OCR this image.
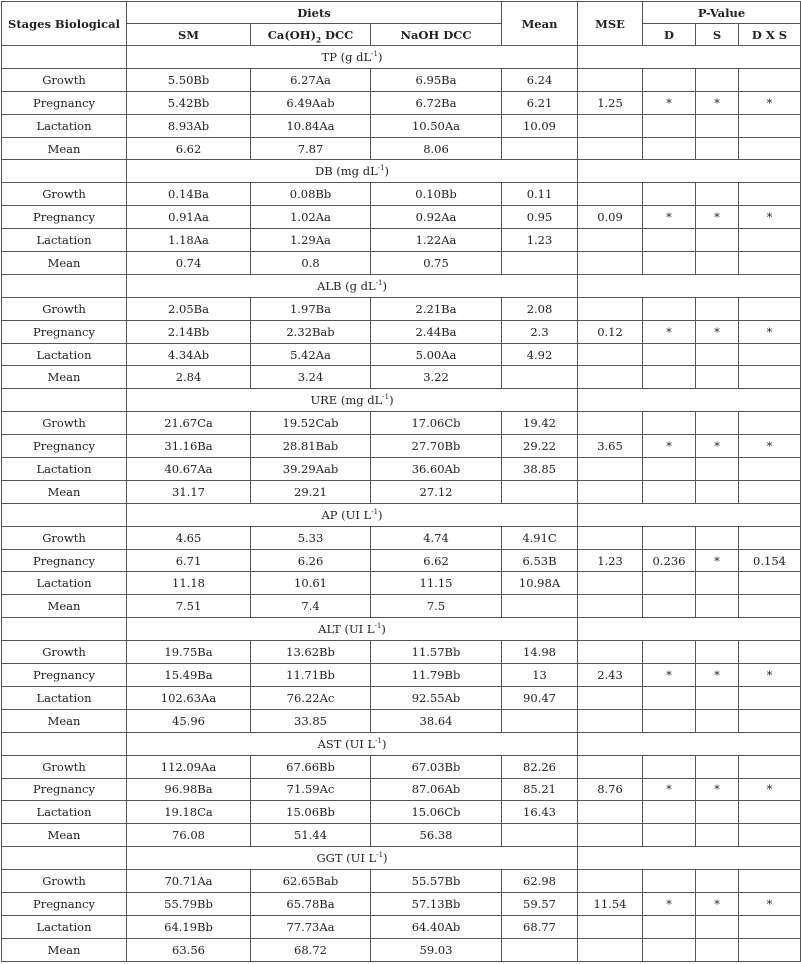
Stages Biological	Diets			Mean	MSE	P-Value		
	SM	$Ca(OH)_2$ DCC	NaOH DCC			D	S	D X S
	TP (g $dL^{-1}$)							
Growth	5.50Bb	6.27Aa	6.95Ba	6.24				
Pregnancy	5.42Bb	6.49Aab	6.72Ba	6.21	1.25	*	*	*
Lactation	8.93Ab	10.84Aa	10.50Aa	10.09				
Mean	6.62	7.87	8.06					
	DB (mg $dL^{-1}$)							
Growth	0.14Ba	0.08Bb	0.10Bb	0.11				
Pregnancy	0.91Aa	1.02Aa	0.92Aa	0.95	0.09	*	*	*
Lactation	1.18Aa	1.29Aa	1.22Aa	1.23				
Mean	0.74	0.8	0.75					
	ALB (g $dL^{-1}$)							
Growth	2.05Ba	1.97Ba	2.21Ba	2.08				
Pregnancy	2.14Bb	2.32Bab	2.44Ba	2.3	0.12	*	*	*
Lactation	4.34Ab	5.42Aa	5.00Aa	4.92				
Mean	2.84	3.24	3.22					
	URE (mg $dL^{-1}$)							
Growth	21.67Ca	19.52Cab	17.06Cb	19.42				
Pregnancy	31.16Ba	28.81Bab	27.70Bb	29.22	3.65	*	*	*
Lactation	40.67Aa	39.29Aab	36.60Ab	38.85				
Mean	31.17	29.21	27.12					
	AP (UI $L^{-1}$)							
Growth	4.65	5.33	4.74	4.91C				
Pregnancy	6.71	6.26	6.62	6.53B	1.23	0.236	*	0.154
Lactation	11.18	10.61	11.15	10.98A				
Mean	7.51	7.4	7.5					
	ALT (UI $L^{-1}$)							
Growth	19.75Ba	13.62Bb	11.57Bb	14.98				
Pregnancy	15.49Ba	11.71Bb	11.79Bb	13	2.43	*	*	*
Lactation	102.63Aa	76.22Ac	92.55Ab	90.47				
Mean	45.96	33.85	38.64					
	AST (UI $L^{-1}$)							
Growth	112.09Aa	67.66Bb	67.03Bb	82.26				
Pregnancy	96.98Ba	71.59Ac	87.06Ab	85.21	8.76	*	*	*
Lactation	19.18Ca	15.06Bb	15.06Cb	16.43				
Mean	76.08	51.44	56.38					
	GGT (UI $L^{-1}$)							
Growth	70.71Aa	62.65Bab	55.57Bb	62.98				
Pregnancy	55.79Bb	65.78Ba	57.13Bb	59.57	11.54	*	*	*
Lactation	64.19Bb	77.73Aa	64.40Ab	68.77				
Mean	63.56	68.72	59.03					
